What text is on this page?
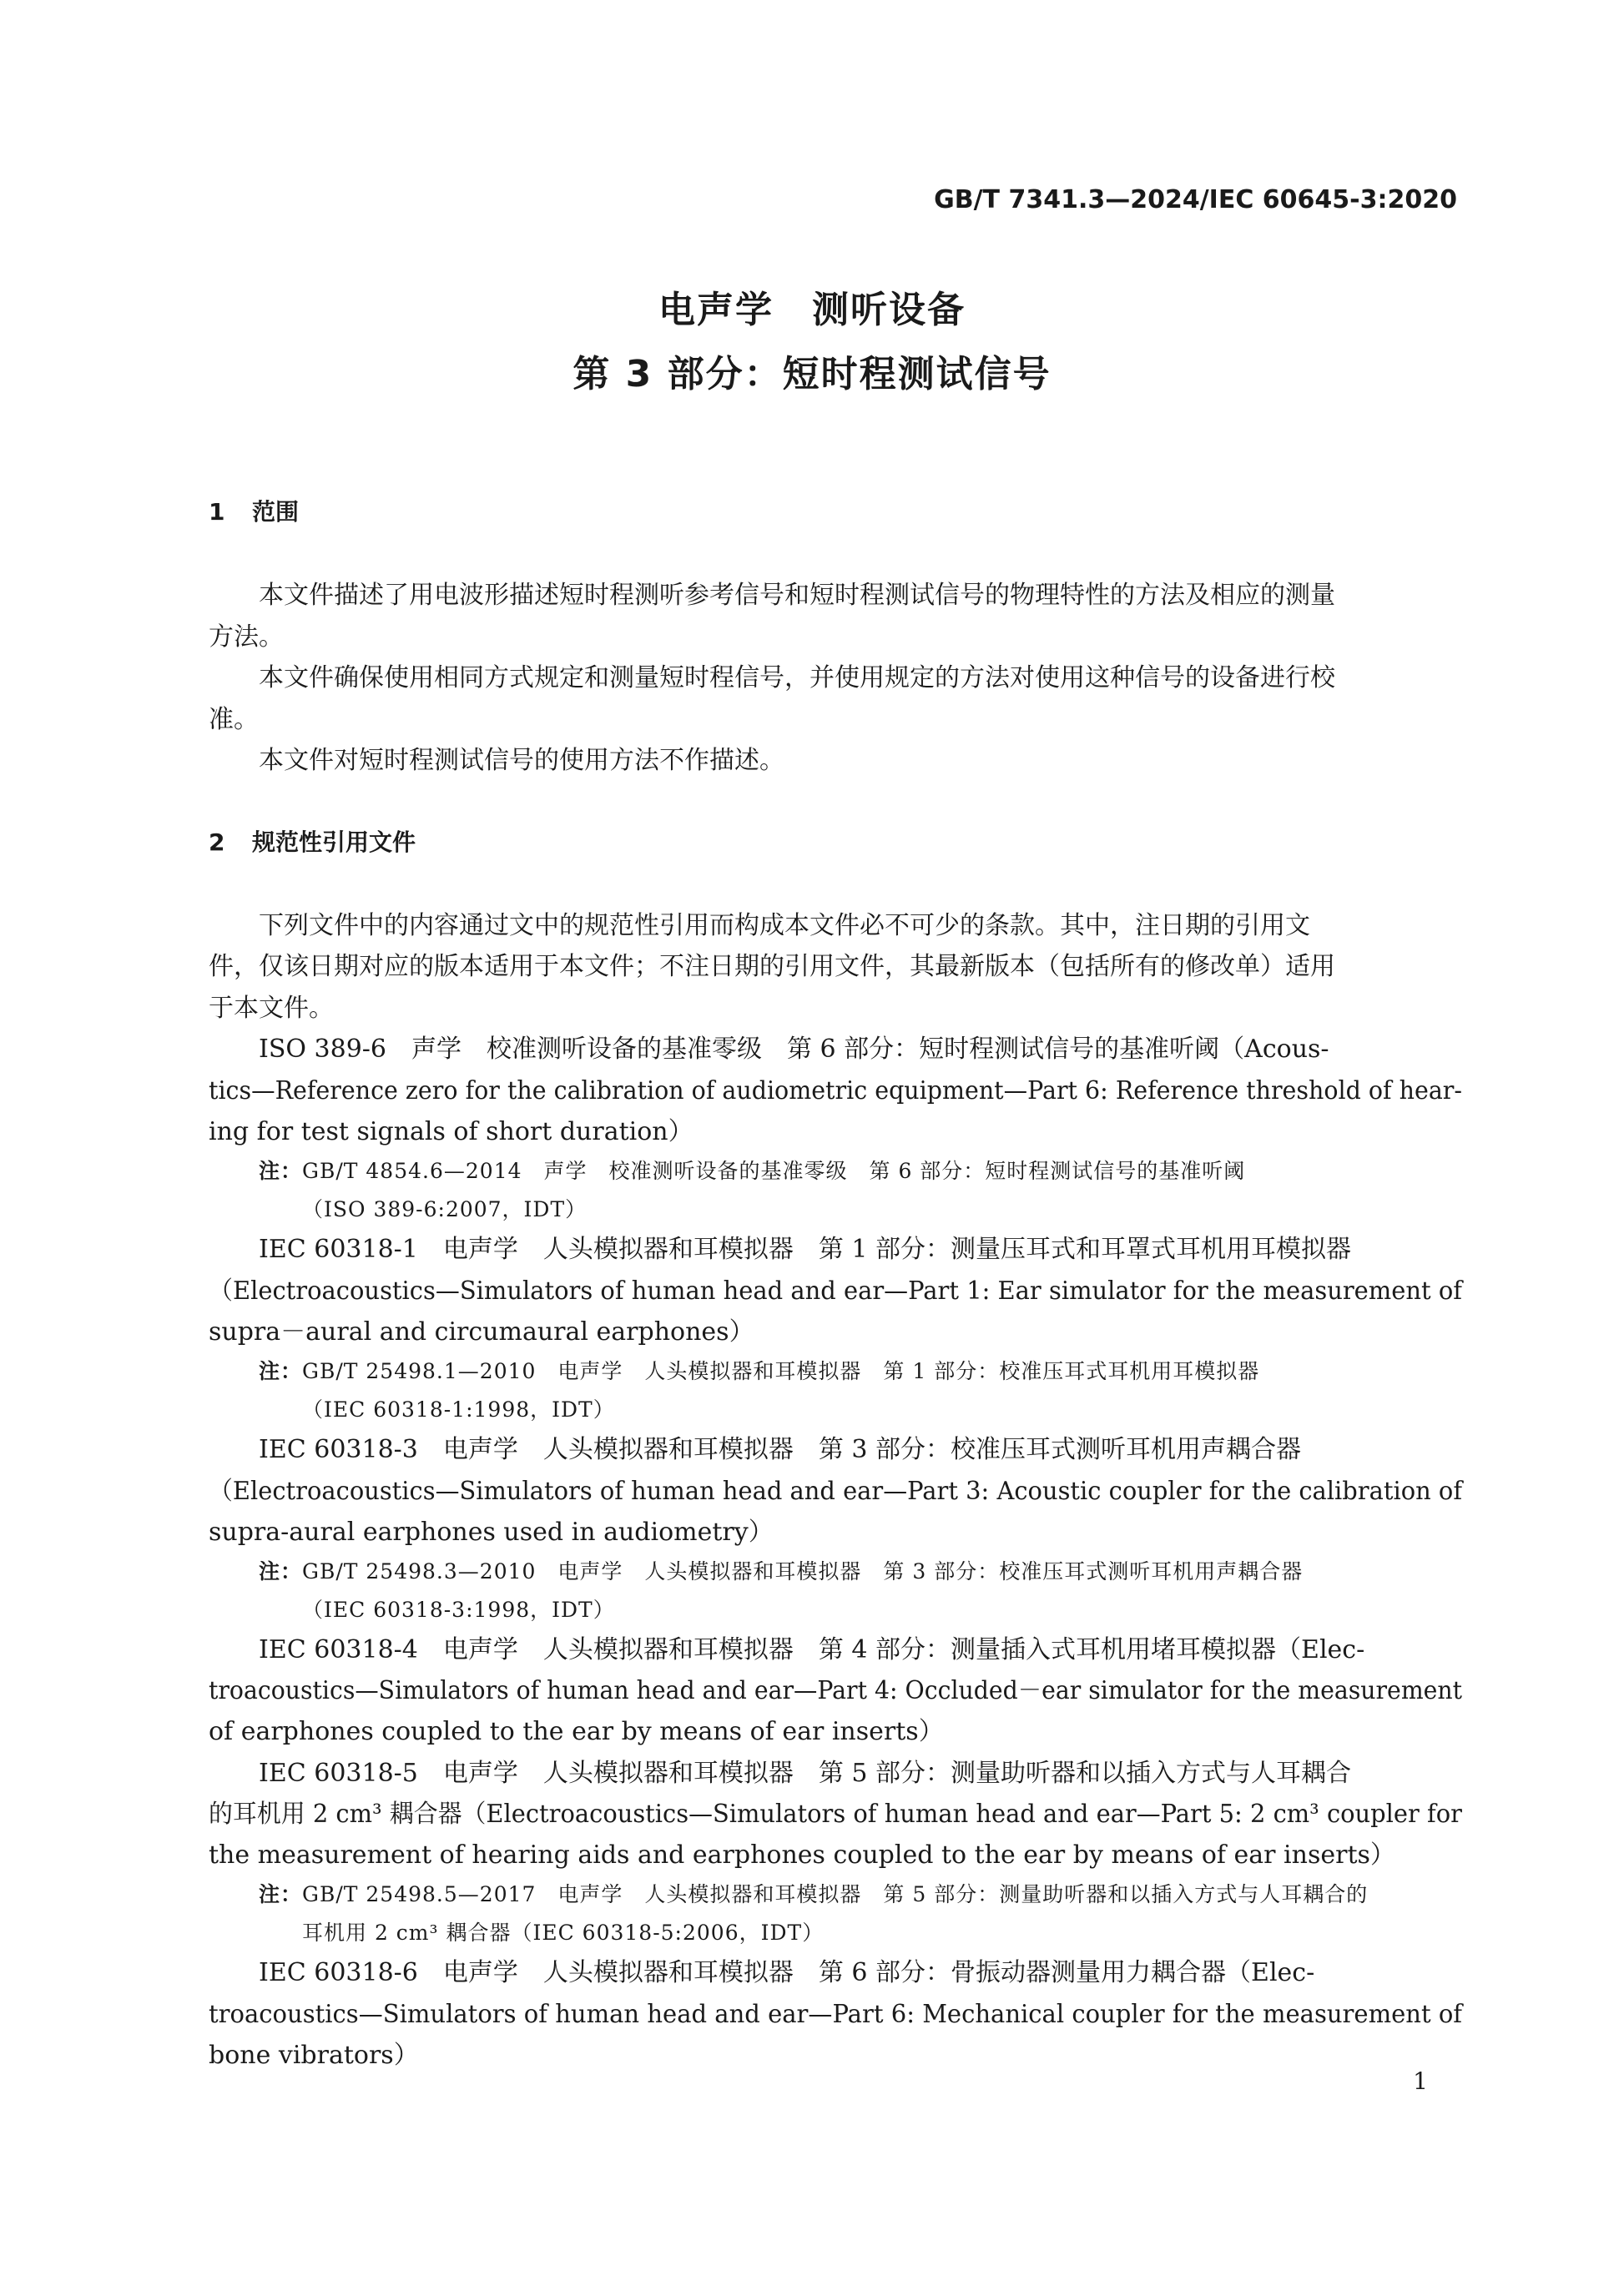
GB/T 7341.3—2024/IEC 60645-3:2020
电声学　测听设备
第 3 部分：短时程测试信号
1 范围
本文件描述了用电波形描述短时程测听参考信号和短时程测试信号的物理特性的方法及相应的测量
方法。
本文件确保使用相同方式规定和测量短时程信号，并使用规定的方法对使用这种信号的设备进行校
准。
本文件对短时程测试信号的使用方法不作描述。
2 规范性引用文件
下列文件中的内容通过文中的规范性引用而构成本文件必不可少的条款。其中，注日期的引用文
件，仅该日期对应的版本适用于本文件；不注日期的引用文件，其最新版本（包括所有的修改单）适用
于本文件。
ISO 389-6　声学　校准测听设备的基准零级　第 6 部分：短时程测试信号的基准听阈（Acous-
tics—Reference zero for the calibration of audiometric equipment—Part 6: Reference threshold of hear-
ing for test signals of short duration）
注：GB/T 4854.6—2014　声学　校准测听设备的基准零级　第 6 部分：短时程测试信号的基准听阈
（ISO 389-6:2007，IDT）
IEC 60318-1　电声学　人头模拟器和耳模拟器　第 1 部分：测量压耳式和耳罩式耳机用耳模拟器
（Electroacoustics—Simulators of human head and ear—Part 1: Ear simulator for the measurement of
supra－aural and circumaural earphones）
注：GB/T 25498.1—2010　电声学　人头模拟器和耳模拟器　第 1 部分：校准压耳式耳机用耳模拟器
（IEC 60318-1:1998，IDT）
IEC 60318-3　电声学　人头模拟器和耳模拟器　第 3 部分：校准压耳式测听耳机用声耦合器
（Electroacoustics—Simulators of human head and ear—Part 3: Acoustic coupler for the calibration of
supra-aural earphones used in audiometry）
注：GB/T 25498.3—2010　电声学　人头模拟器和耳模拟器　第 3 部分：校准压耳式测听耳机用声耦合器
（IEC 60318-3:1998，IDT）
IEC 60318-4　电声学　人头模拟器和耳模拟器　第 4 部分：测量插入式耳机用堵耳模拟器（Elec-
troacoustics—Simulators of human head and ear—Part 4: Occluded－ear simulator for the measurement
of earphones coupled to the ear by means of ear inserts）
IEC 60318-5　电声学　人头模拟器和耳模拟器　第 5 部分：测量助听器和以插入方式与人耳耦合
的耳机用 2 cm³ 耦合器（Electroacoustics—Simulators of human head and ear—Part 5: 2 cm³ coupler for
the measurement of hearing aids and earphones coupled to the ear by means of ear inserts）
注：GB/T 25498.5—2017　电声学　人头模拟器和耳模拟器　第 5 部分：测量助听器和以插入方式与人耳耦合的
耳机用 2 cm³ 耦合器（IEC 60318-5:2006，IDT）
IEC 60318-6　电声学　人头模拟器和耳模拟器　第 6 部分：骨振动器测量用力耦合器（Elec-
troacoustics—Simulators of human head and ear—Part 6: Mechanical coupler for the measurement of
bone vibrators）
1
